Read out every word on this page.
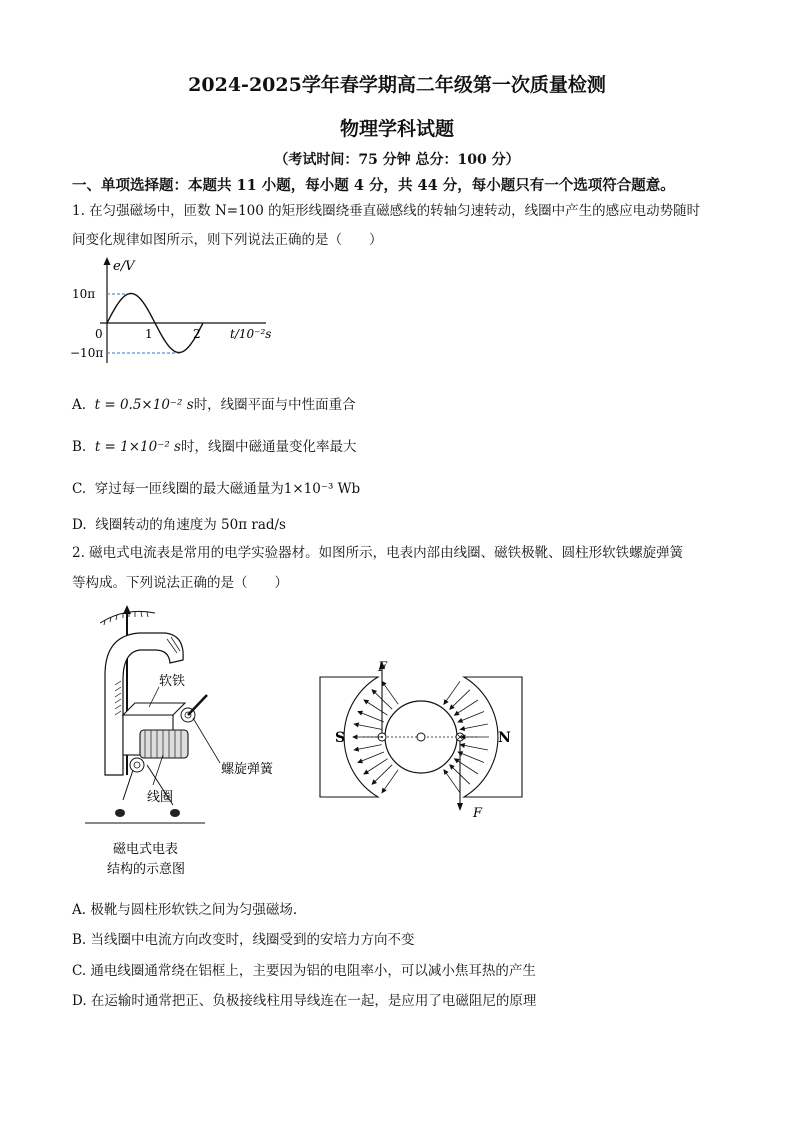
2024-2025学年春学期高二年级第一次质量检测
物理学科试题
（考试时间：75 分钟 总分：100 分）
一、单项选择题：本题共 11 小题，每小题 4 分，共 44 分，每小题只有一个选项符合题意。
1. 在匀强磁场中，匝数 N=100 的矩形线圈绕垂直磁感线的转轴匀速转动，线圈中产生的感应电动势随时
间变化规律如图所示，则下列说法正确的是（　　）
e/V
10π
−10π
0	1	2 t/10⁻²s
A. t = 0.5×10⁻² s时，线圈平面与中性面重合
B. t = 1×10⁻² s时，线圈中磁通量变化率最大
C. 穿过每一匝线圈的最大磁通量为1×10⁻³ Wb
D. 线圈转动的角速度为 50π rad/s
2. 磁电式电流表是常用的电学实验器材。如图所示，电表内部由线圈、磁铁极靴、圆柱形软铁螺旋弹簧
等构成。下列说法正确的是（　　）
软铁
螺旋弹簧
线圈
磁电式电表
结构的示意图
F
F
S	N
A. 极靴与圆柱形软铁之间为匀强磁场.
B. 当线圈中电流方向改变时，线圈受到的安培力方向不变
C. 通电线圈通常绕在铝框上，主要因为铝的电阻率小，可以减小焦耳热的产生
D. 在运输时通常把正、负极接线柱用导线连在一起，是应用了电磁阻尼的原理
